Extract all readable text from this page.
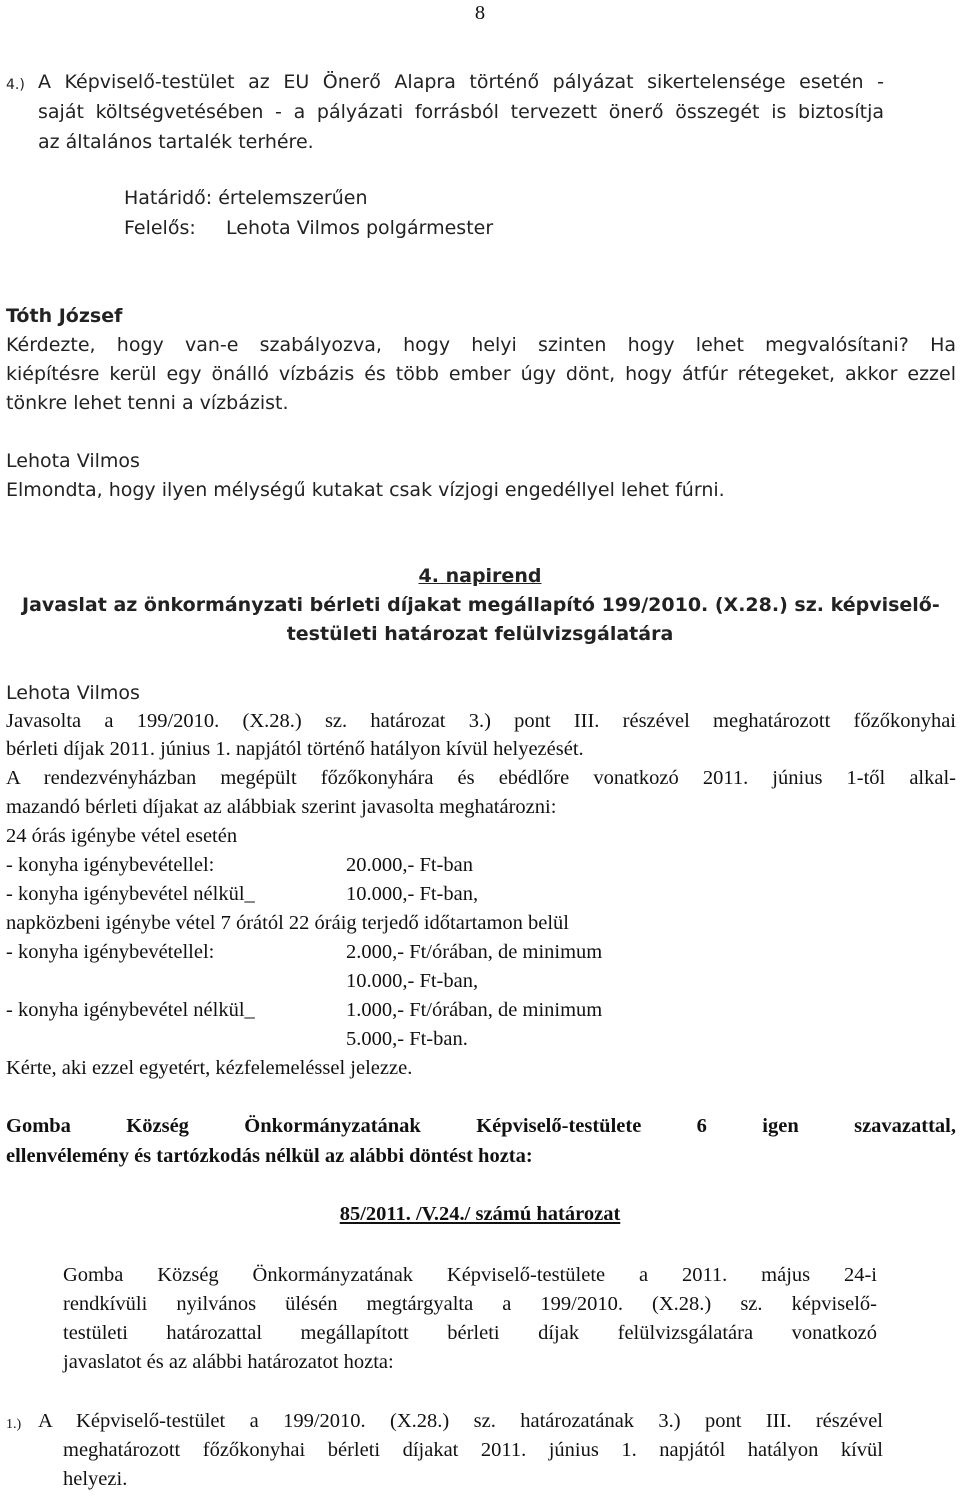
8
4.) A Képviselő-testület az EU Önerő Alapra történő pályázat sikertelensége esetén -
saját költségvetésében - a pályázati forrásból tervezett önerő összegét is biztosítja
az általános tartalék terhére.
Határidő: értelemszerűen
Felelős: Lehota Vilmos polgármester
Tóth József
Kérdezte, hogy van-e szabályozva, hogy helyi szinten hogy lehet megvalósítani? Ha
kiépítésre kerül egy önálló vízbázis és több ember úgy dönt, hogy átfúr rétegeket, akkor ezzel
tönkre lehet tenni a vízbázist.
Lehota Vilmos
Elmondta, hogy ilyen mélységű kutakat csak vízjogi engedéllyel lehet fúrni.
4. napirend
Javaslat az önkormányzati bérleti díjakat megállapító 199/2010. (X.28.) sz. képviselő-
testületi határozat felülvizsgálatára
Lehota Vilmos
Javasolta a 199/2010. (X.28.) sz. határozat 3.) pont III. részével meghatározott főzőkonyhai
bérleti díjak 2011. június 1. napjától történő hatályon kívül helyezését.
A rendezvényházban megépült főzőkonyhára és ebédlőre vonatkozó 2011. június 1-től alkal-
mazandó bérleti díjakat az alábbiak szerint javasolta meghatározni:
24 órás igénybe vétel esetén
- konyha igénybevétellel:	20.000,- Ft-ban
- konyha igénybevétel nélkül_	10.000,- Ft-ban,
napközbeni igénybe vétel 7 órától 22 óráig terjedő időtartamon belül
- konyha igénybevétellel:	2.000,- Ft/órában, de minimum
10.000,- Ft-ban,
- konyha igénybevétel nélkül_	1.000,- Ft/órában, de minimum
5.000,- Ft-ban.
Kérte, aki ezzel egyetért, kézfelemeléssel jelezze.
Gomba Község Önkormányzatának Képviselő-testülete 6 igen szavazattal,
ellenvélemény és tartózkodás nélkül az alábbi döntést hozta:
85/2011. /V.24./ számú határozat
Gomba Község Önkormányzatának Képviselő-testülete a 2011. május 24-i
rendkívüli nyilvános ülésén megtárgyalta a 199/2010. (X.28.) sz. képviselő-
testületi határozattal megállapított bérleti díjak felülvizsgálatára vonatkozó
javaslatot és az alábbi határozatot hozta:
1.) A Képviselő-testület a 199/2010. (X.28.) sz. határozatának 3.) pont III. részével
meghatározott főzőkonyhai bérleti díjakat 2011. június 1. napjától hatályon kívül
helyezi.
